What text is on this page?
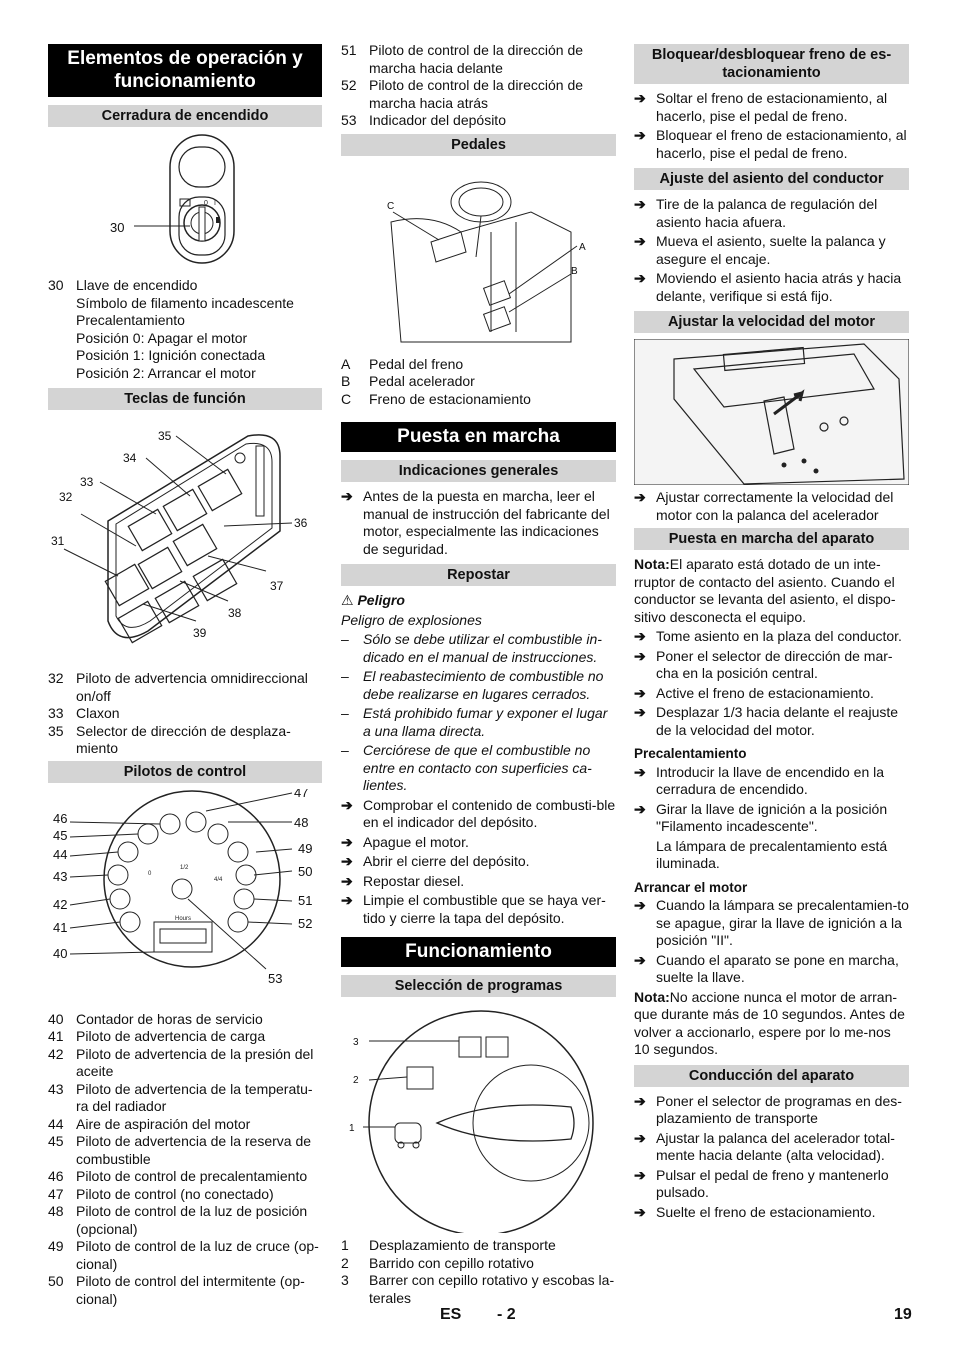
Elementos de operación y funcionamiento
Cerradura de encendido
0 I
30
30 Llave de encendido
Símbolo de filamento incadescente
Precalentamiento
Posición 0: Apagar el motor
Posición 1: Ignición conectada
Posición 2: Arrancar el motor
Teclas de función
35
34
33
32
31
36
37
38
39
32 Piloto de advertencia omnidireccional on/off
33 Claxon
35 Selector de dirección de desplaza-miento
Pilotos de control
1/2
4/4
0
Hours
47
46
45
44
43
42
41
40
48
49
50
51
52
53
40 Contador de horas de servicio
41 Piloto de advertencia de carga
42 Piloto de advertencia de la presión del aceite
43 Piloto de advertencia de la temperatu-ra del radiador
44 Aire de aspiración del motor
45 Piloto de advertencia de la reserva de combustible
46 Piloto de control de precalentamiento
47 Piloto de control (no conectado)
48 Piloto de control de la luz de posición (opcional)
49 Piloto de control de la luz de cruce (op-cional)
50 Piloto de control del intermitente (op-cional)
51 Piloto de control de la dirección de marcha hacia delante
52 Piloto de control de la dirección de marcha hacia atrás
53 Indicador del depósito
Pedales
C
A
B
A	Pedal del freno
B	Pedal acelerador
C	Freno de estacionamiento
Puesta en marcha
Indicaciones generales
➔ Antes de la puesta en marcha, leer el manual de instrucción del fabricante del motor, especialmente las indicaciones de seguridad.
Repostar
⚠ Peligro
Peligro de explosiones
–	Sólo se debe utilizar el combustible in-dicado en el manual de instrucciones.
–	El reabastecimiento de combustible no debe realizarse en lugares cerrados.
–	Está prohibido fumar y exponer el lugar a una llama directa.
–	Cerciórese de que el combustible no entre en contacto con superficies ca-lientes.
➔ Comprobar el contenido de combusti-ble en el indicador del depósito.
➔ Apague el motor.
➔ Abrir el cierre del depósito.
➔ Repostar diesel.
➔ Limpie el combustible que se haya ver-tido y cierre la tapa del depósito.
Funcionamiento
Selección de programas
3
2
1
1	Desplazamiento de transporte
2	Barrido con cepillo rotativo
3	Barrer con cepillo rotativo y escobas la-terales
Bloquear/desbloquear freno de es-tacionamiento
➔ Soltar el freno de estacionamiento, al hacerlo, pise el pedal de freno.
➔ Bloquear el freno de estacionamiento, al hacerlo, pise el pedal de freno.
Ajuste del asiento del conductor
➔ Tire de la palanca de regulación del asiento hacia afuera.
➔ Mueva el asiento, suelte la palanca y asegure el encaje.
➔ Moviendo el asiento hacia atrás y hacia delante, verifique si está fijo.
Ajustar la velocidad del motor
➔ Ajustar correctamente la velocidad del motor con la palanca del acelerador
Puesta en marcha del aparato
Nota:El aparato está dotado de un inte-rruptor de contacto del asiento. Cuando el conductor se levanta del asiento, el dispo-sitivo desconecta el equipo.
➔ Tome asiento en la plaza del conductor.
➔ Poner el selector de dirección de mar-cha en la posición central.
➔ Active el freno de estacionamiento.
➔ Desplazar 1/3 hacia delante el reajuste de la velocidad del motor.
Precalentamiento
➔ Introducir la llave de encendido en la cerradura de encendido.
➔ Girar la llave de ignición a la posición "Filamento incadescente".
La lámpara de precalentamiento está iluminada.
Arrancar el motor
➔ Cuando la lámpara se precalentamien-to se apague, girar la llave de ignición a la posición "II".
➔ Cuando el aparato se pone en marcha, suelte la llave.
Nota:No accione nunca el motor de arran-que durante más de 10 segundos. Antes de volver a accionarlo, espere por lo me-nos 10 segundos.
Conducción del aparato
➔ Poner el selector de programas en des-plazamiento de transporte
➔ Ajustar la palanca del acelerador total-mente hacia delante (alta velocidad).
➔ Pulsar el pedal de freno y mantenerlo pulsado.
➔ Suelte el freno de estacionamiento.
ES - 2	19
